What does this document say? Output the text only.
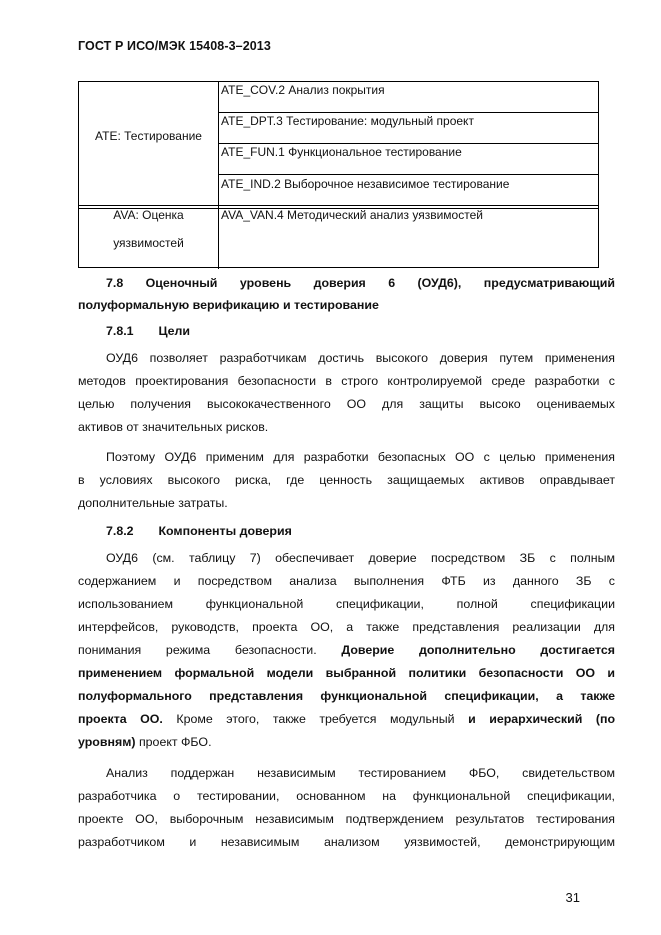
ГОСТ Р ИСО/МЭК 15408-3–2013
ATE: Тестирование
AVA: Оценка
уязвимостей
ATE_COV.2 Анализ покрытия
ATE_DPT.3 Тестирование: модульный проект
ATE_FUN.1 Функциональное тестирование
ATE_IND.2 Выборочное независимое тестирование
AVA_VAN.4 Методический анализ уязвимостей
7.8 Оценочный уровень доверия 6 (ОУД6), предусматривающий
полуформальную верификацию и тестирование
7.8.1 Цели
ОУД6 позволяет разработчикам достичь высокого доверия путем применения
методов проектирования безопасности в строго контролируемой среде разработки с
целью получения высококачественного ОО для защиты высоко оцениваемых
активов от значительных рисков.
Поэтому ОУД6 применим для разработки безопасных ОО с целью применения
в условиях высокого риска, где ценность защищаемых активов оправдывает
дополнительные затраты.
7.8.2 Компоненты доверия
ОУД6 (см. таблицу 7) обеспечивает доверие посредством ЗБ с полным
содержанием и посредством анализа выполнения ФТБ из данного ЗБ с
использованием функциональной спецификации, полной спецификации
интерфейсов, руководств, проекта ОО, а также представления реализации для
понимания режима безопасности. Доверие дополнительно достигается
применением формальной модели выбранной политики безопасности ОО и
полуформального представления функциональной спецификации, а также
проекта ОО. Кроме этого, также требуется модульный и иерархический (по
уровням) проект ФБО.
Анализ поддержан независимым тестированием ФБО, свидетельством
разработчика о тестировании, основанном на функциональной спецификации,
проекте ОО, выборочным независимым подтверждением результатов тестирования
разработчиком и независимым анализом уязвимостей, демонстрирующим
31
